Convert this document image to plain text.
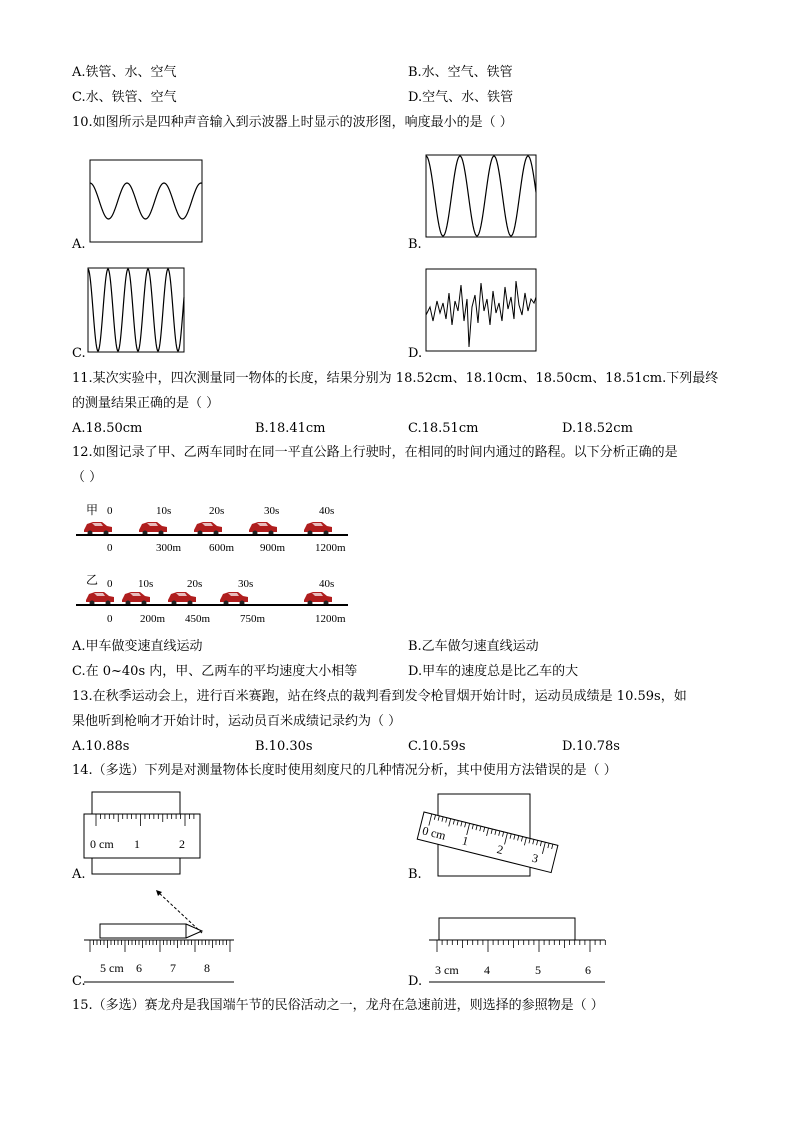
A.铁管、水、空气	B.水、空气、铁管
C.水、铁管、空气	D.空气、水、铁管
10.如图所示是四种声音输入到示波器上时显示的波形图，响度最小的是（ ）
A.	B.
C.	D.
11.某次实验中，四次测量同一物体的长度，结果分别为 18.52cm、18.10cm、18.50cm、18.51cm.下列最终
的测量结果正确的是（ ）
A.18.50cm	B.18.41cm	C.18.51cm	D.18.52cm
12.如图记录了甲、乙两车同时在同一平直公路上行驶时，在相同的时间内通过的路程。以下分析正确的是
（ ）
甲 0	10s	20s	30s	40s
0	300m	600m 900m	1200m
乙 0 10s	20s	30s	40s
0	200m 450m	750m	1200m
A.甲车做变速直线运动	B.乙车做匀速直线运动
C.在 0~40s 内，甲、乙两车的平均速度大小相等	D.甲车的速度总是比乙车的大
13.在秋季运动会上，进行百米赛跑，站在终点的裁判看到发令枪冒烟开始计时，运动员成绩是 10.59s，如
果他听到枪响才开始计时，运动员百米成绩记录约为（ ）
A.10.88s	B.10.30s	C.10.59s	D.10.78s
14.（多选）下列是对测量物体长度时使用刻度尺的几种情况分析，其中使用方法错误的是（ ）
0 cm 1	2
A.
0 cm 1
2
3
B.
5 cm 6 7 8
C.
3 cm 4	5	6
D.
15.（多选）赛龙舟是我国端午节的民俗活动之一，龙舟在急速前进，则选择的参照物是（ ）
